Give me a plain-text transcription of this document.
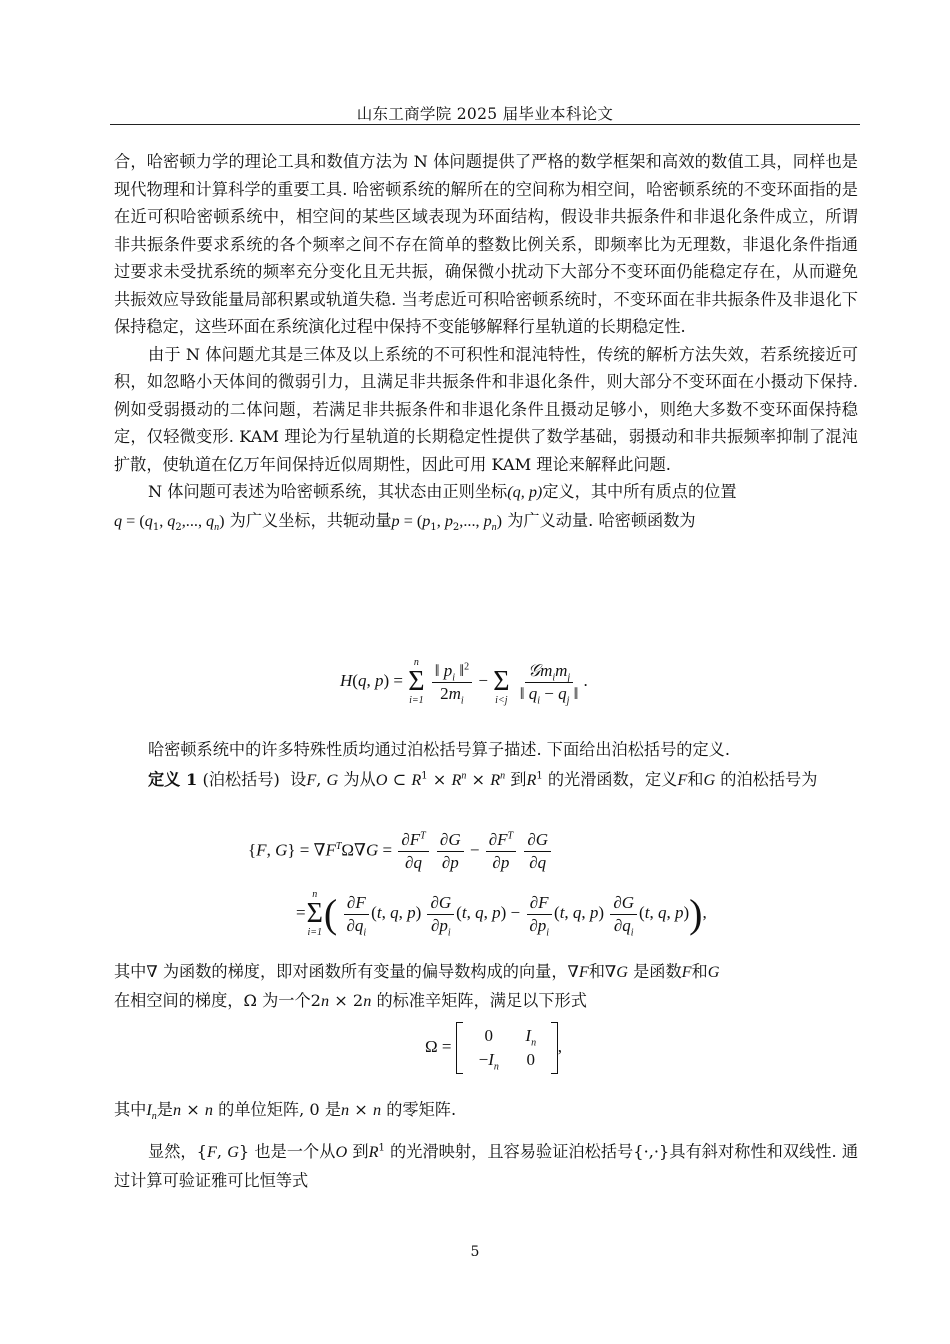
山东工商学院 2025 届毕业本科论文

合，哈密顿力学的理论工具和数值方法为 N 体问题提供了严格的数学框架和高效的数值工具，同样也是现代物理和计算科学的重要工具. 哈密顿系统的解所在的空间称为相空间，哈密顿系统的不变环面指的是在近可积哈密顿系统中，相空间的某些区域表现为环面结构，假设非共振条件和非退化条件成立，所谓非共振条件要求系统的各个频率之间不存在简单的整数比例关系，即频率比为无理数，非退化条件指通过要求未受扰系统的频率充分变化且无共振，确保微小扰动下大部分不变环面仍能稳定存在，从而避免共振效应导致能量局部积累或轨道失稳. 当考虑近可积哈密顿系统时，不变环面在非共振条件及非退化下保持稳定，这些环面在系统演化过程中保持不变能够解释行星轨道的长期稳定性.

由于 N 体问题尤其是三体及以上系统的不可积性和混沌特性，传统的解析方法失效，若系统接近可积，如忽略小天体间的微弱引力，且满足非共振条件和非退化条件，则大部分不变环面在小摄动下保持. 例如受弱摄动的二体问题，若满足非共振条件和非退化条件且摄动足够小，则绝大多数不变环面保持稳定，仅轻微变形. KAM 理论为行星轨道的长期稳定性提供了数学基础，弱摄动和非共振频率抑制了混沌扩散，使轨道在亿万年间保持近似周期性，因此可用 KAM 理论来解释此问题.

N 体问题可表述为哈密顿系统，其状态由正则坐标(q, p)定义，其中所有质点的位置
$q = (q_1$, $q_2$,..., $q_n$) 为广义坐标，共轭动量$p = (p_1$, $p_2$,..., $p_n$) 为广义动量. 哈密顿函数为

H(q, p) =
n
Σ
i=1
$\frac{‖ p_i ‖^2}{2m_i}$ −
Σ
i<j
$\frac{𝒢m_im_j}{‖ q_i - q_j ‖}$ .

哈密顿系统中的许多特殊性质均通过泊松括号算子描述. 下面给出泊松括号的定义.

定义 1 (泊松括号) 设F, G 为从O ⊂ $R^1 \times R^n \times R^n$ 到$R^1$ 的光滑函数，定义F和G 的泊松括号为

{F, $G\} = \nabla F^T\Omega\nabla G = \frac{\partial F^T}{\partial q}$
$\frac{\partial G}{\partial p} - \frac{\partial F^T}{\partial p}$
$\frac{\partial G}{\partial q}$
=
n
Σ
i=1 ( $\frac{\partial F}{\partial q_i} (t$, q, $p) \frac{\partial G}{\partial p_i} (t$, q, $p) - \frac{\partial F}{\partial p_i} (t$, q, $p) \frac{\partial G}{\partial q_i} (t$, q, p)),

其中∇ 为函数的梯度，即对函数所有变量的偏导数构成的向量，∇F和∇G 是函数F和G
在相空间的梯度，Ω 为一个2n × 2n 的标准辛矩阵，满足以下形式

Ω =
0	$I_n$
$-I_n$	0
,

其中$I_n$是n × n 的单位矩阵, 0 是n × n 的零矩阵.

显然，{F, G} 也是一个从O 到$R^1$ 的光滑映射，且容易验证泊松括号{·,·}具有斜对称性和双线性. 通过计算可验证雅可比恒等式

5
